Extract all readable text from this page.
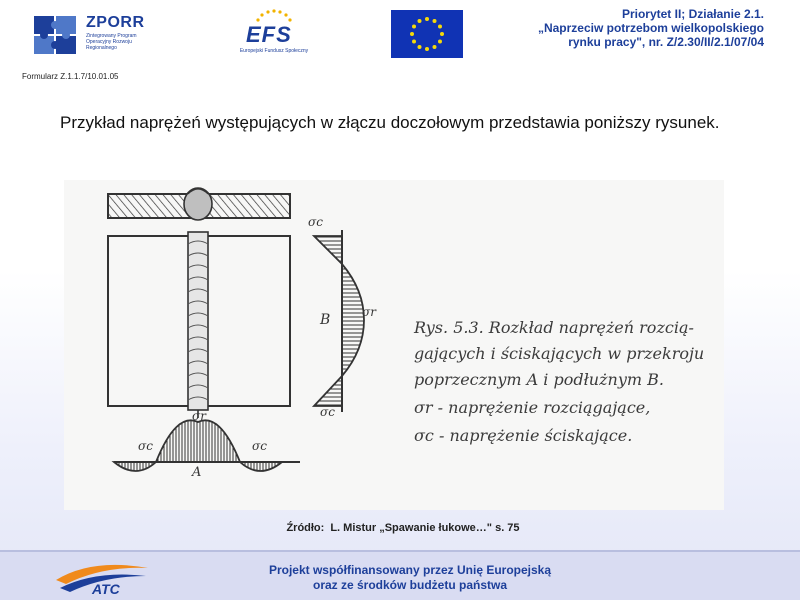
ZPORR
Zintegrowany Program Operacyjny Rozwoju Regionalnego
EFS
Europejski Fundusz Społeczny
Priorytet II; Działanie 2.1.
„Naprzeciw potrzebom wielkopolskiego
rynku pracy", nr. Z/2.30/II/2.1/07/04
Formularz Z.1.1.7/10.01.05
Przykład naprężeń występujących w złączu doczołowym przedstawia poniższy rysunek.
σc
σr
B
σc
σr
σc
A
σc
Rys. 5.3. Rozkład naprężeń rozcią-
gających i ściskających w przekroju
poprzecznym A i podłużnym B.
σr - naprężenie rozciągające,
σc - naprężenie ściskające.
Źródło: L. Mistur „Spawanie łukowe…" s. 75
ATC
Projekt współfinansowany przez Unię Europejską
oraz ze środków budżetu państwa
